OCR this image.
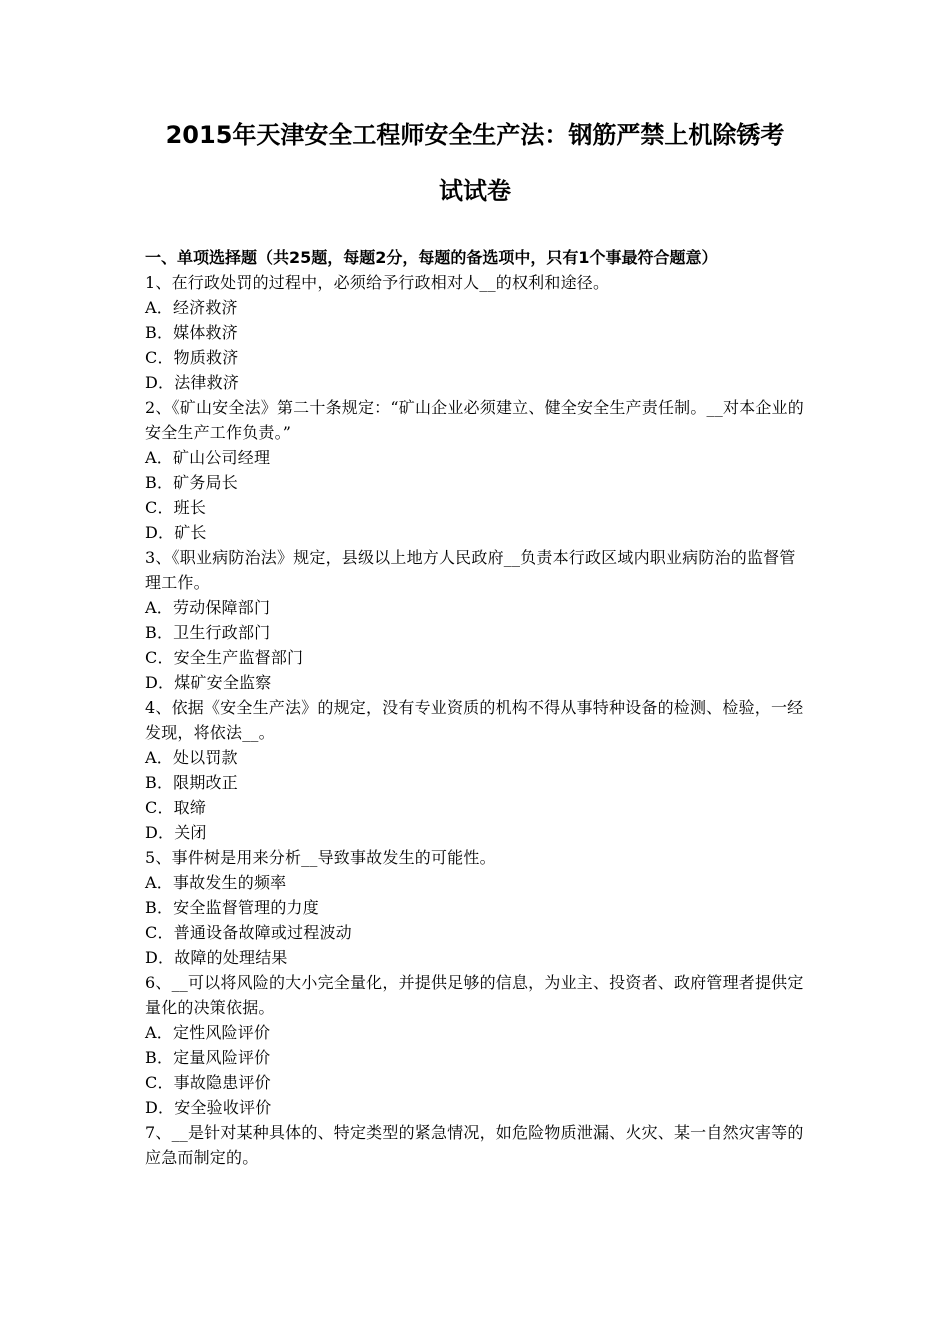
2015年天津安全工程师安全生产法：钢筋严禁上机除锈考
试试卷

一、单项选择题（共25题，每题2分，每题的备选项中，只有1个事最符合题意）

1、在行政处罚的过程中，必须给予行政相对人__的权利和途径。

A．经济救济

B．媒体救济

C．物质救济

D．法律救济

2、《矿山安全法》第二十条规定：“矿山企业必须建立、健全安全生产责任制。__对本企业的安全生产工作负责。”

A．矿山公司经理

B．矿务局长

C．班长

D．矿长

3、《职业病防治法》规定，县级以上地方人民政府__负责本行政区域内职业病防治的监督管理工作。

A．劳动保障部门

B．卫生行政部门

C．安全生产监督部门

D．煤矿安全监察

4、依据《安全生产法》的规定，没有专业资质的机构不得从事特种设备的检测、检验，一经发现，将依法__。

A．处以罚款

B．限期改正

C．取缔

D．关闭

5、事件树是用来分析__导致事故发生的可能性。

A．事故发生的频率

B．安全监督管理的力度

C．普通设备故障或过程波动

D．故障的处理结果

6、__可以将风险的大小完全量化，并提供足够的信息，为业主、投资者、政府管理者提供定量化的决策依据。

A．定性风险评价

B．定量风险评价

C．事故隐患评价

D．安全验收评价

7、__是针对某种具体的、特定类型的紧急情况，如危险物质泄漏、火灾、某一自然灾害等的应急而制定的。
